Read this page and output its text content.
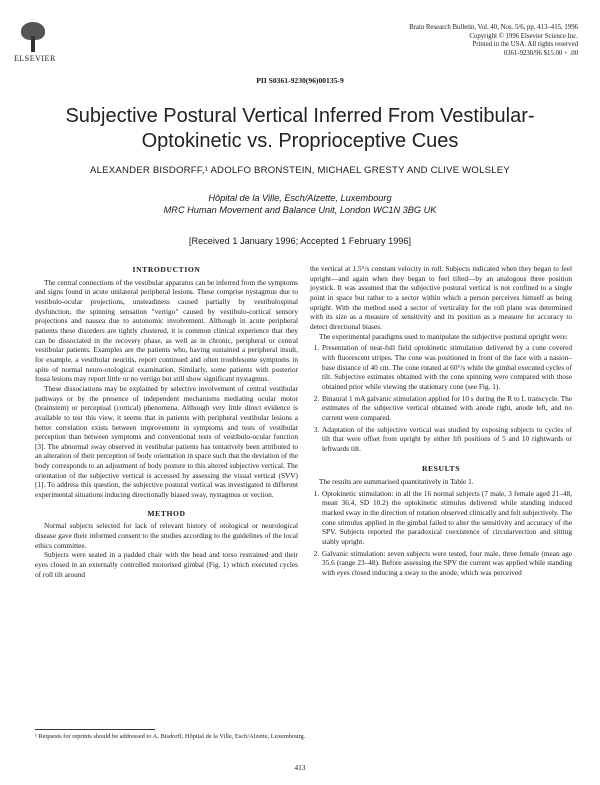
ELSEVIER
Brain Research Bulletin, Vol. 40, Nos. 5/6, pp. 413–415, 1996
Copyright © 1996 Elsevier Science Inc.
Printed in the USA. All rights reserved
0361-9230/96 $15.00 + .00
PII S0361-9230(96)00135-9
Subjective Postural Vertical Inferred From Vestibular-
Optokinetic vs. Proprioceptive Cues
ALEXANDER BISDORFF,¹ ADOLFO BRONSTEIN, MICHAEL GRESTY AND CLIVE WOLSLEY
Hôpital de la Ville, Esch/Alzette, Luxembourg
MRC Human Movement and Balance Unit, London WC1N 3BG UK
[Received 1 January 1996; Accepted 1 February 1996]
INTRODUCTION

The central connections of the vestibular apparatus can be inferred from the symptoms and signs found in acute unilateral peripheral lesions. These comprise nystagmus due to vestibulo-ocular projections, unsteadiness caused partially by vestibulospinal dysfunction, the spinning sensation "vertigo" caused by vestibulo-cortical sensory projections and nausea due to autonomic involvement. Although in acute peripheral patients these disorders are tightly clustered, it is common clinical experience that they can be dissociated in the recovery phase, as well as in chronic, peripheral or central vestibular patients. Examples are the patients who, having sustained a peripheral insult, for example, a vestibular neuritis, report continued and often troublesome symptoms in spite of normal neuro-otological examination. Similarly, some patients with posterior fossa lesions may report little or no vertigo but still show significant nystagmus.

These dissociations may be explained by selective involvement of central vestibular pathways or by the presence of independent mechanisms mediating ocular motor (brainstem) or perceptual (cortical) phenomena. Although very little direct evidence is available to test this view, it seems that in patients with peripheral vestibular lesions a better correlation exists between improvement in symptoms and tests of vestibular perception than between symptoms and conventional tests of vestibulo-ocular function [3]. The abnormal sway observed in vestibular patients has tentatively been attributed to an alteration of their perception of body orientation in space such that the deviation of the body corresponds to an adjustment of body posture to this altered subjective vertical. The orientation of the subjective vertical is accessed by assessing the visual vertical (SVV) [1]. To address this question, the subjective postural vertical was investigated in different experimental situations inducing directionally biased sway, nystagmus or vection.

METHOD

Normal subjects selected for lack of relevant history of otological or neurological disease gave their informed consent to the studies according to the guidelines of the local ethics committee.

Subjects were seated in a padded chair with the head and torso restrained and their eyes closed in an externally controlled motorised gimbal (Fig. 1) which executed cycles of roll tilt around

the vertical at 1.5°/s constant velocity in roll. Subjects indicated when they began to feel upright—and again when they began to feel tilted—by an analogous three position joystick. It was assumed that the subjective postural vertical is not confined to a single point in space but rather to a sector within which a person perceives himself as being upright. With the method used a sector of verticality for the roll plane was determined with its size as a measure of sensitivity and its position as a measure for accuracy to detect directional biases.

The experimental paradigms used to manipulate the subjective postural upright were:

1. Presentation of near-full field optokinetic stimulation delivered by a cone covered with fluorescent stripes. The cone was positioned in front of the face with a nasion–base distance of 40 cm. The cone rotated at 60°/s while the gimbal executed cycles of tilt. Subjective estimates obtained with the cone spinning were compared with those obtained prior while viewing the stationary cone (see Fig. 1).
2. Binaural 1 mA galvanic stimulation applied for 10 s during the R to L transcycle. The estimates of the subjective vertical obtained with anode right, anode left, and no current were compared.
3. Adaptation of the subjective vertical was studied by exposing subjects to cycles of tilt that were offset from upright by either lift positions of 5 and 10 rightwards or leftwards tilt.
RESULTS

The results are summarised quantitatively in Table 1.

1. Optokinetic stimulation: in all the 16 normal subjects (7 male, 3 female aged 21–48, mean 36.4, SD 10.2) the optokinetic stimulus delivered while standing induced marked sway in the direction of rotation observed clinically and felt subjectively. The cone stimulus applied in the gimbal failed to alter the sensitivity and accuracy of the SPV. Subjects reported the paradoxical coexistence of circularvection and sitting stably upright.
2. Galvanic stimulation: seven subjects were tested, four male, three female (mean age 35.6 (range 23–48). Before assessing the SPV the current was applied while standing with eyes closed inducing a sway to the anode, which was perceived
¹ Requests for reprints should be addressed to A. Bisdorff, Hôpital de la Ville, Esch/Alzette, Luxembourg.
413
